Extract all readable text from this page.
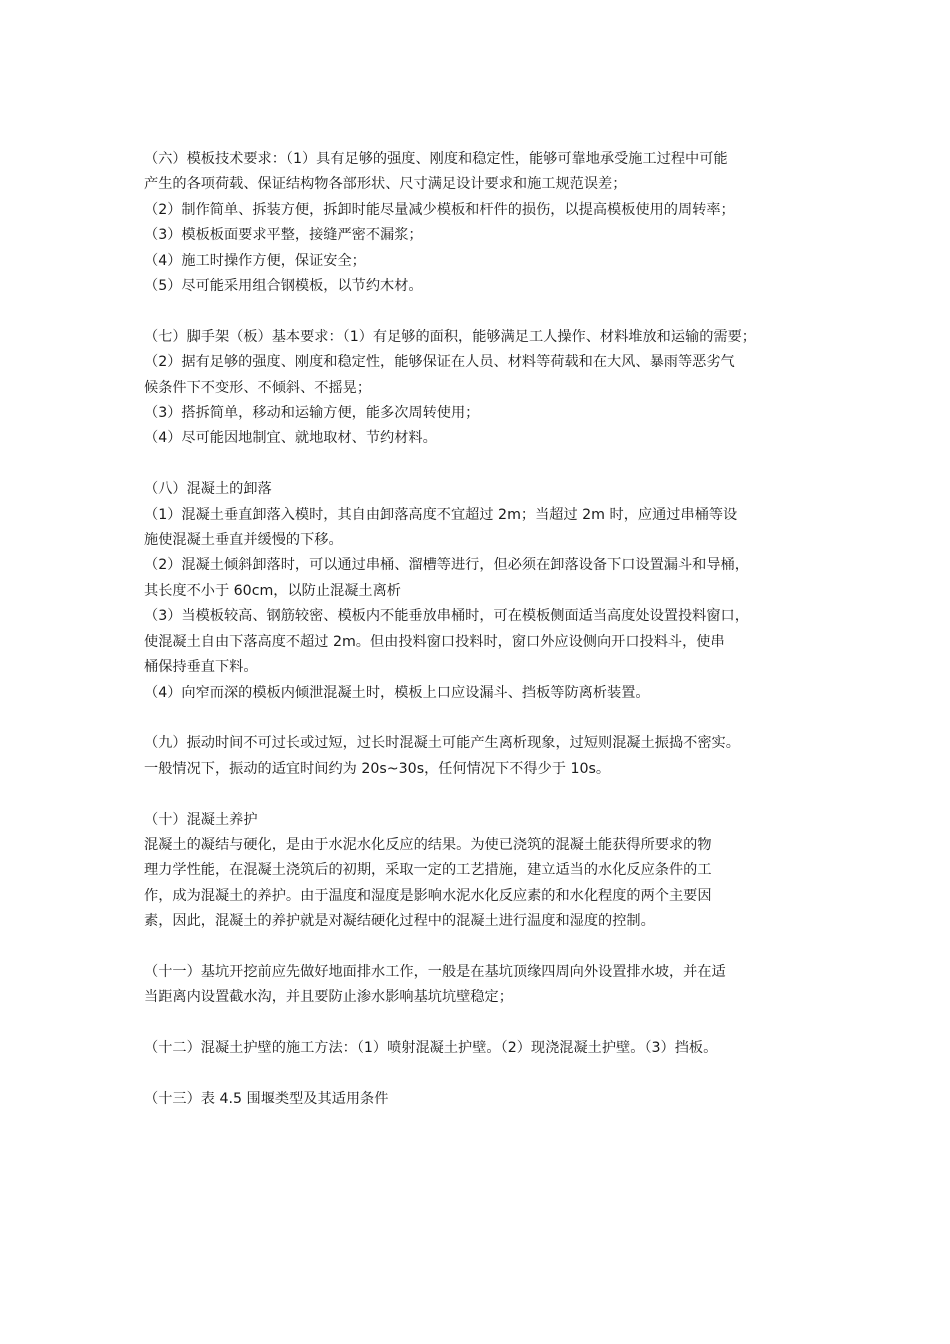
（六）模板技术要求：（1）具有足够的强度、刚度和稳定性，能够可靠地承受施工过程中可能
产生的各项荷载、保证结构物各部形状、尺寸满足设计要求和施工规范误差；
（2）制作简单、拆装方便，拆卸时能尽量减少模板和杆件的损伤，以提高模板使用的周转率；
（3）模板板面要求平整，接缝严密不漏浆；
（4）施工时操作方便，保证安全；
（5）尽可能采用组合钢模板，以节约木材。
（七）脚手架（板）基本要求：（1）有足够的面积，能够满足工人操作、材料堆放和运输的需要；
（2）据有足够的强度、刚度和稳定性，能够保证在人员、材料等荷载和在大风、暴雨等恶劣气
候条件下不变形、不倾斜、不摇晃；
（3）搭拆简单，移动和运输方便，能多次周转使用；
（4）尽可能因地制宜、就地取材、节约材料。
（八）混凝土的卸落
（1）混凝土垂直卸落入模时，其自由卸落高度不宜超过 2m；当超过 2m 时，应通过串桶等设
施使混凝土垂直并缓慢的下移。
（2）混凝土倾斜卸落时，可以通过串桶、溜槽等进行，但必须在卸落设备下口设置漏斗和导桶，
其长度不小于 60cm，以防止混凝土离析
（3）当模板较高、钢筋较密、模板内不能垂放串桶时，可在模板侧面适当高度处设置投料窗口，
使混凝土自由下落高度不超过 2m。但由投料窗口投料时，窗口外应设侧向开口投料斗，使串
桶保持垂直下料。
（4）向窄而深的模板内倾泄混凝土时，模板上口应设漏斗、挡板等防离析装置。
（九）振动时间不可过长或过短，过长时混凝土可能产生离析现象，过短则混凝土振捣不密实。
一般情况下，振动的适宜时间约为 20s~30s，任何情况下不得少于 10s。
（十）混凝土养护
混凝土的凝结与硬化，是由于水泥水化反应的结果。为使已浇筑的混凝土能获得所要求的物
理力学性能，在混凝土浇筑后的初期，采取一定的工艺措施，建立适当的水化反应条件的工
作，成为混凝土的养护。由于温度和湿度是影响水泥水化反应素的和水化程度的两个主要因
素，因此，混凝土的养护就是对凝结硬化过程中的混凝土进行温度和湿度的控制。
（十一）基坑开挖前应先做好地面排水工作，一般是在基坑顶缘四周向外设置排水坡，并在适
当距离内设置截水沟，并且要防止渗水影响基坑坑壁稳定；
（十二）混凝土护壁的施工方法：（1）喷射混凝土护壁。（2）现浇混凝土护壁。（3）挡板。
（十三）表 4.5 围堰类型及其适用条件
